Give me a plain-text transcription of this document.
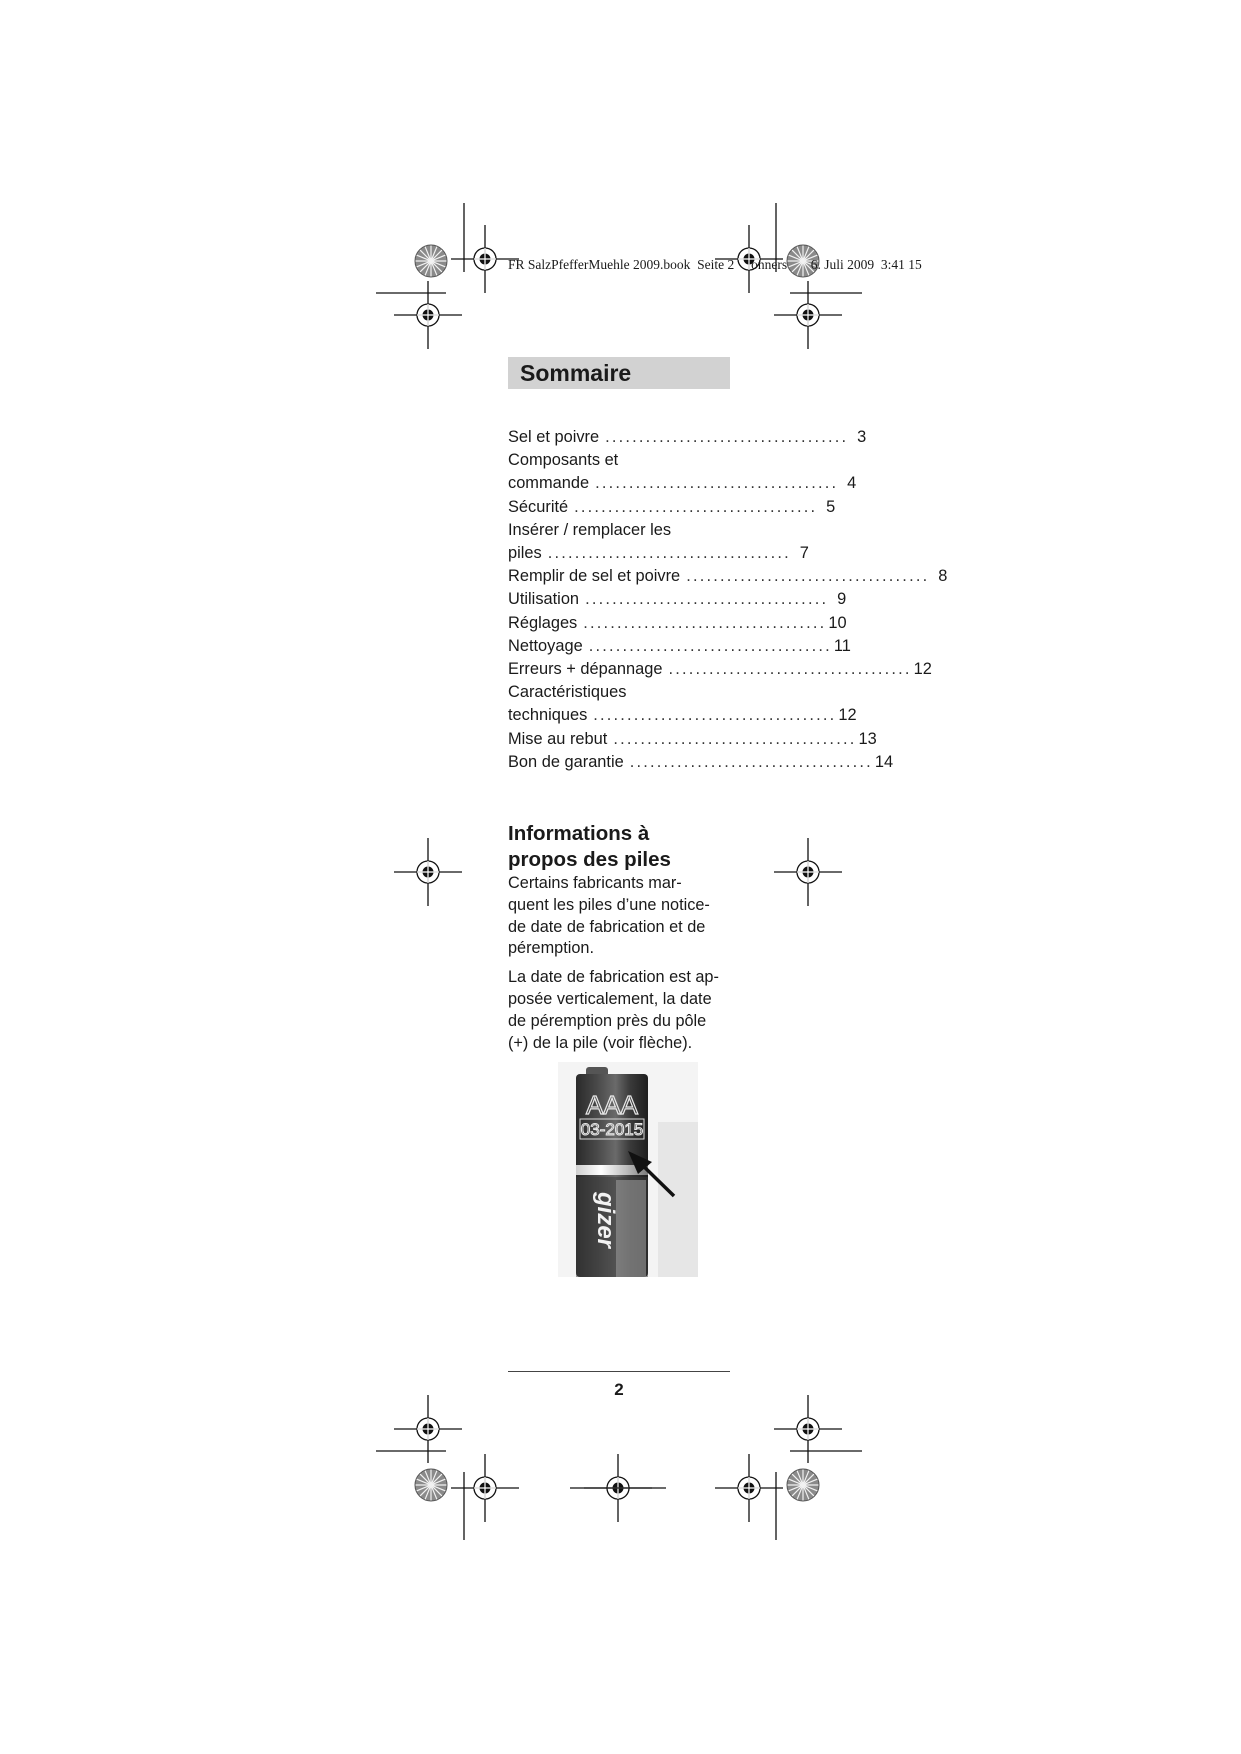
FR SalzPfefferMuehle 2009.book Seite 2 onners 6. Juli 2009 3:41 15
Sommaire
Sel et poivre .................................... 3
Composants et
commande .................................... 4
Sécurité .................................... 5
Insérer / remplacer les
piles .................................... 7
Remplir de sel et poivre .................................... 8
Utilisation .................................... 9
Réglages .................................... 10
Nettoyage .................................... 11
Erreurs + dépannage .................................... 12
Caractéristiques
techniques .................................... 12
Mise au rebut .................................... 13
Bon de garantie .................................... 14
Informations à
propos des piles

Certains fabricants mar-
quent les piles d’une notice-
de date de fabrication et de
péremption.

La date de fabrication est ap-
posée verticalement, la date
de péremption près du pôle
(+) de la pile (voir flèche).

AAA
03-2015
gizer
2
